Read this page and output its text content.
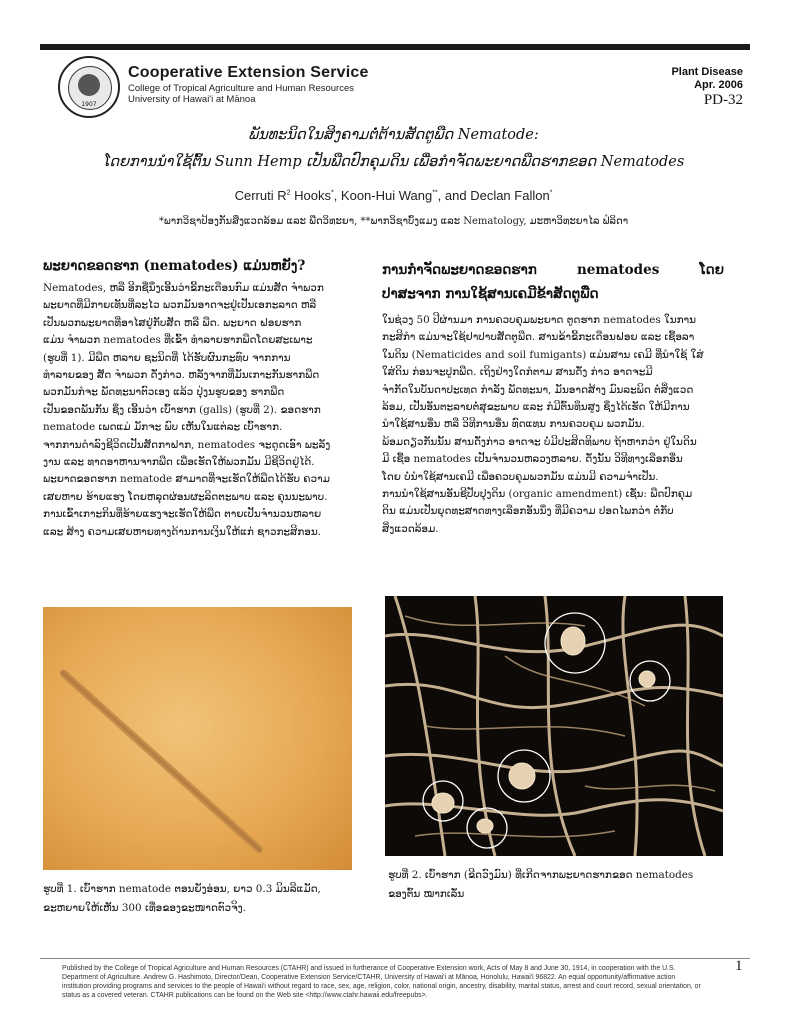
1907
Cooperative Extension Service
College of Tropical Agriculture and Human Resources
University of Hawai'i at Mānoa
Plant Disease
Apr. 2006
PD-32
ພັນທະນິດໃນສິງຄາມຕໍ່ຕ້ານສັດຕູພືດ Nematode:
ໂດຍການນໍາໃຊ້ຕົ້ນ Sunn Hemp ເປັນພືດປົກຄຸມດິນ ເພື່ອກໍາຈັດພະຍາດພືດຮາກຂອດ Nematodes
Cerruti $R^2$ Hooks*, Koon-Hui Wang**, and Declan Fallon*
*ພາກວິຊາປ້ອງກັນສິ່ງແວດລ້ອມ ແລະ ພືດວິທະຍາ, **ພາກວິຊາບົ້ງແມງ ແລະ Nematology, ມະຫາວິທະຍາໄລ ຟໍລິດາ
ພະຍາດຂອດຮາກ (nematodes) ແມ່ນຫຍັງ?
Nematodes, ຫລື ອີກຊື່ນຶ່ງເອີ້ນວ່າຂີ້ກະເດືອນກົມ ແມ່ນສັດ ຈໍາພວກ
ພະຍາດທີ່ມີກາຍເທັນທີ່ລະໄວ ພວກມັນອາດຈະຢູ່ເປັນເອກະລາດ ຫລື
ເປັນພວກພະຍາດທີ່ອາໄສຢູ່ກັບສັດ ຫລື ພືດ. ພະຍາດ ຝອຍຮາກ
ແມ່ນ ຈໍາພວກ nematodes ທີ່ເຂົ້າ ທໍາລາຍຮາກພືດໂດຍສະເພາະ
(ຮູບທີ່ 1). ມີພືດ ຫລາຍ ຊະນິດທີ່ ໄດ້ຮັບຜົນກະທົບ ຈາກການ
ທໍາລາຍຂອງ ສັດ ຈໍາພວກ ດັ່ງກ່າວ. ຫລັງຈາກທີ່ມັນເກາະກັນຮາກພືດ
ພວກມັນກໍຈະ ພັດທະນາຕົວເອງ ແລ້ວ ປຸ່ງນຮູບຂອງ ຮາກພືດ
ເປັນຂອດພັນກັນ ຊຶ່ງ ເອີ້ນວ່າ ເບົ້າຮາກ (galls) (ຮູບທີ່ 2). ຂອດຮາກ
nematode ເພດແມ່ ມັກຈະ ພົບ ເຫັນໃນແຕ່ລະ ເບົ້າຮາກ.
ຈາກການດໍາລົງຊີວິດເປັນສັດກາຝາກ, nematodes ຈະດູດເອົາ ພະລັງ
ງານ ແລະ ທາດອາຫານຈາກພືດ ເພື່ອເຮັດໃຫ້ພວກມັນ ມີຊີວິດຢູ່ໄດ້.
ພະຍາດຂອດຮາກ nematode ສາມາດທີ່ຈະເຮັດໃຫ້ພືດໄດ້ຮັບ ຄວາມ
ເສຍຫາຍ ຮ້າຍແຮງ ໂດຍຫລຸດຜ່ອນຜະລິດຕະພາບ ແລະ ຄຸນນະພາບ.
ການເຂົ້າເກາະກິນທີ່ຮ້າຍແຮງຈະເຮັດໃຫ້ພືດ ຕາຍເປັນຈໍານວນຫລາຍ
ແລະ ສ້າງ ຄວາມເສຍຫາຍທາງດ້ານການເງິນໃຫ້ແກ່ ຊາວກະສິກອນ.
ຮູບທີ່ 1. ເບົ້າຮາກ nematode ຕອນຍັງອ່ອນ, ຍາວ 0.3 ມິນລີແມັດ,
ຂະຫຍາຍໃຫ້ເຫັນ 300 ເທື່ອຂອງຂະໜາດຕົວຈິງ.
ການກໍາຈັດພະຍາດຂອດຮາກ nematodes ໂດຍ
ປາສະຈາກ ການໃຊ້ສານເຄມີຂ້າສັດຕູພືດ
ໃນຊ່ວງ 50 ປີຜ່ານມາ ການຄວບຄຸມພະຍາດ ຕູດຮາກ nematodes ໃນການ
ກະສິກໍາ ແມ່ນຈະໃຊ້ຢາປາບສັດຕູພືດ. ສານຂ້າຂີ້ກະເດືອນຝອຍ ແລະ ເຊື້ອລາ
ໃນດິນ (Nematicides and soil fumigants) ແມ່ນສານ ເຄມີ ທີ່ນໍາໃຊ້ ໃສ່
ໃສ່ດິນ ກ່ອນຈະປູກພືດ. ເຖິງຢ່າງໃດກໍຕາມ ສານດັ່ງ ກ່າວ ອາດຈະມີ
ຈໍາກັດໃນບັນດາປະເທດ ກໍາລັງ ພັດທະນາ, ມັນອາດສ້າງ ມົນລະພິດ ຕໍ່ສິ່ງແວດ
ລ້ອມ, ເປັນອັນຕະລາຍຕໍ່ສຸຂະພາບ ແລະ ກໍມີຕົ້ນທຶນສູງ ຊຶ່ງໄດ້ເຮັດ ໃຫ້ມີການ
ນໍາໃຊ້ສານອື່ນ ຫລື ວິທີການອື່ນ ທົດແທນ ການຄວບຄຸມ ພວກມັນ.
ພ້ອມດຽວກັນນັ້ນ ສານດັ່ງກ່າວ ອາດຈະ ບໍ່ມີປະສິດທິພາບ ຖ້າຫາກວ່າ ຢູ່ໃນດິນ
ມີ ເຊື້ອ nematodes ເປັນຈໍານວນຫລວງຫລາຍ. ດັ່ງນັ້ນ ວິທີທາງເລືອກອື່ນ
ໂດຍ ບໍ່ນໍາໃຊ້ສານເຄມີ ເພື່ອຄວບຄຸມພວກມັນ ແມ່ນມີ ຄວາມຈໍາເປັນ.
ການນໍາໃຊ້ສານອັນຊີປັບປຸງດິນ (organic amendment) ເຊັ່ນ: ພືດປົກຄຸມ
ດິນ ແມ່ນເປັນຍຸດທະສາດທາງເລືອກອັນນຶ່ງ ທີ່ມີຄວາມ ປອດໄພກວ່າ ຕໍ່ກັບ
ສິ່ງແວດລ້ອມ.
ຮູບທີ່ 2. ເບົ້າຮາກ (ຂີດວົງມົນ) ທີ່ເກີດຈາກພະຍາດຮາກຂອດ nematodes
ຂອງຕົ້ນ ໝາກເລັ່ນ
Published by the College of Tropical Agriculture and Human Resources (CTAHR) and issued in furtherance of Cooperative Extension work, Acts of May 8 and June 30, 1914, in cooperation with the U.S. Department of Agriculture. Andrew G. Hashimoto, Director/Dean, Cooperative Extension Service/CTAHR, University of Hawai'i at Mānoa, Honolulu, Hawai'i 96822. An equal opportunity/affirmative action institution providing programs and services to the people of Hawai'i without regard to race, sex, age, religion, color, national origin, ancestry, disability, marital status, arrest and court record, sexual orientation, or status as a covered veteran. CTAHR publications can be found on the Web site <http://www.ctahr.hawaii.edu/freepubs>.
1
